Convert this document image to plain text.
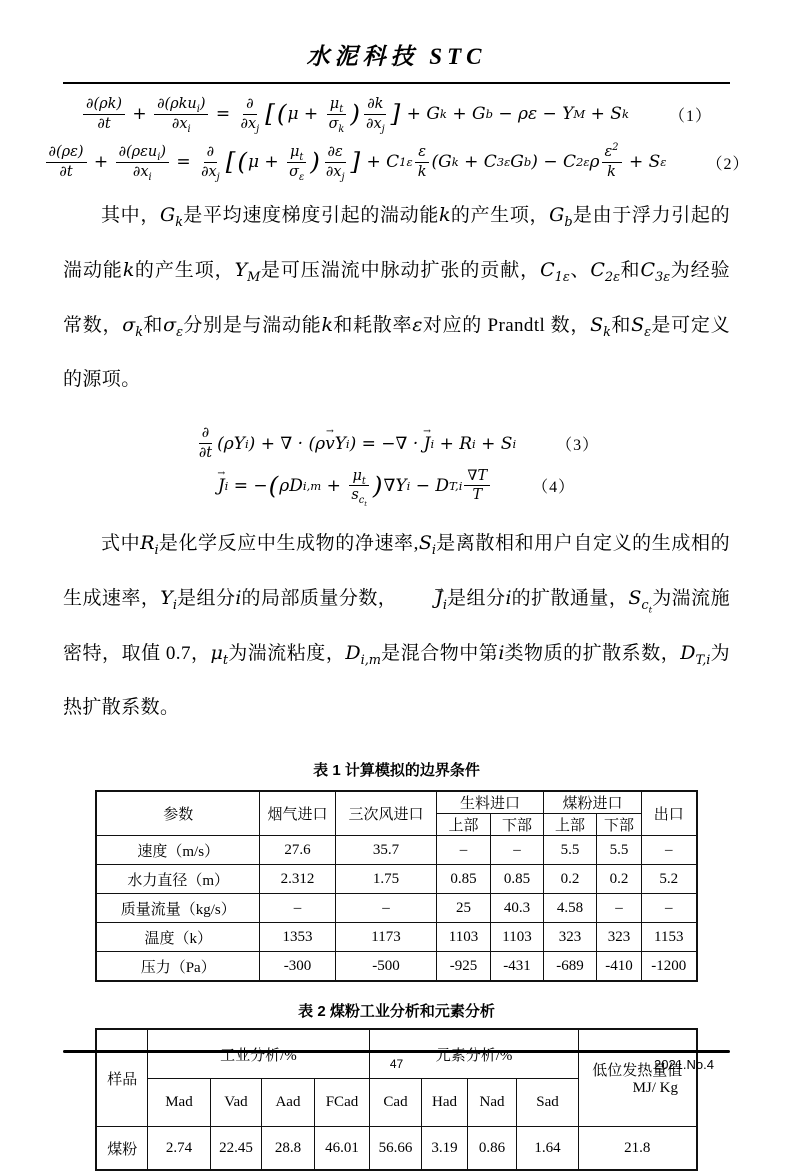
水泥科技 STC
$\frac{\partial(\rho k)}{\partial t} + \frac{\partial(\rho ku_i)}{\partial x_i} = \frac{\partial}{\partial x_j}$ [ ( $\mu + \frac{\mu_t}{\sigma_k}$ ) $\frac{\partial k}{\partial x_j}$ ] + G k + G b − ρε − Y M + S k	（1）
$\frac{\partial(\rho\varepsilon)}{\partial t} + \frac{\partial(\rho\varepsilon u_i)}{\partial x_i} = \frac{\partial}{\partial x_j}$ [ ( $\mu + \frac{\mu_t}{\sigma_\varepsilon}$ ) $\frac{\partial\varepsilon}{\partial x_j}$ ] + C $1\varepsilon \frac{\varepsilon}{k} (G$ k + C 3ε G b ) − C 2ε ρ $\frac{\varepsilon^2}{k} + S$ ε	（2）

其中，$G_k$是平均速度梯度引起的湍动能k的产生项，$G_b$是由于浮力引起的湍动能k的产生项，$Y_M$是可压湍流中脉动扩张的贡献，$C_{1\varepsilon}$、$C_{2\varepsilon}$和$C_{3\varepsilon}$为经验常数，$\sigma_k$和$\sigma_\varepsilon$分别是与湍动能k和耗散率ε对应的 Prandtl 数，$S_k$和$S_\varepsilon$是可定义的源项。

$\frac{\partial}{\partial t} (\rho Y$ i ) + ∇ · (ρ v → Y i ) = −∇ · J → i + R i + S i	（3）
J → i = − ( ρD $i,m + \frac{\mu_t}{s_{c_t}}$ ) ∇Y i − D $T,i \frac{\nabla T}{T}$	（4）

式中$R_i$是化学反应中生成物的净速率$,S_i$是离散相和用户自定义的生成相的生成速率，$Y_i$是组分i的局部质量分数， $J \to_i$是组分i的扩散通量，$S_{c_t}$为湍流施密特，取值 0.7，$\mu_t$为湍流粘度，$D_{i,m}$是混合物中第i类物质的扩散系数，$D_{T,i}$为热扩散系数。

表 1 计算模拟的边界条件
参数	烟气进口	三次风进口	生料进口		煤粉进口		出口
			上部	下部	上部	下部	
速度（m/s）	27.6	35.7	–	–	5.5	5.5	–
水力直径（m）	2.312	1.75	0.85	0.85	0.2	0.2	5.2
质量流量（kg/s）	–	–	25	40.3	4.58	–	–
温度（k）	1353	1173	1103	1103	323	323	1153
压力（Pa）	-300	-500	-925	-431	-689	-410	-1200
表 2 煤粉工业分析和元素分析
样品	工业分析/%				元素分析/%				低位发热量值
MJ/ Kg

	Mad	Vad	Aad	FCad	Cad	Had	Nad	Sad	
煤粉	2.74	22.45	28.8	46.01	56.66	3.19	0.86	1.64	21.8
47	2021.No.4
